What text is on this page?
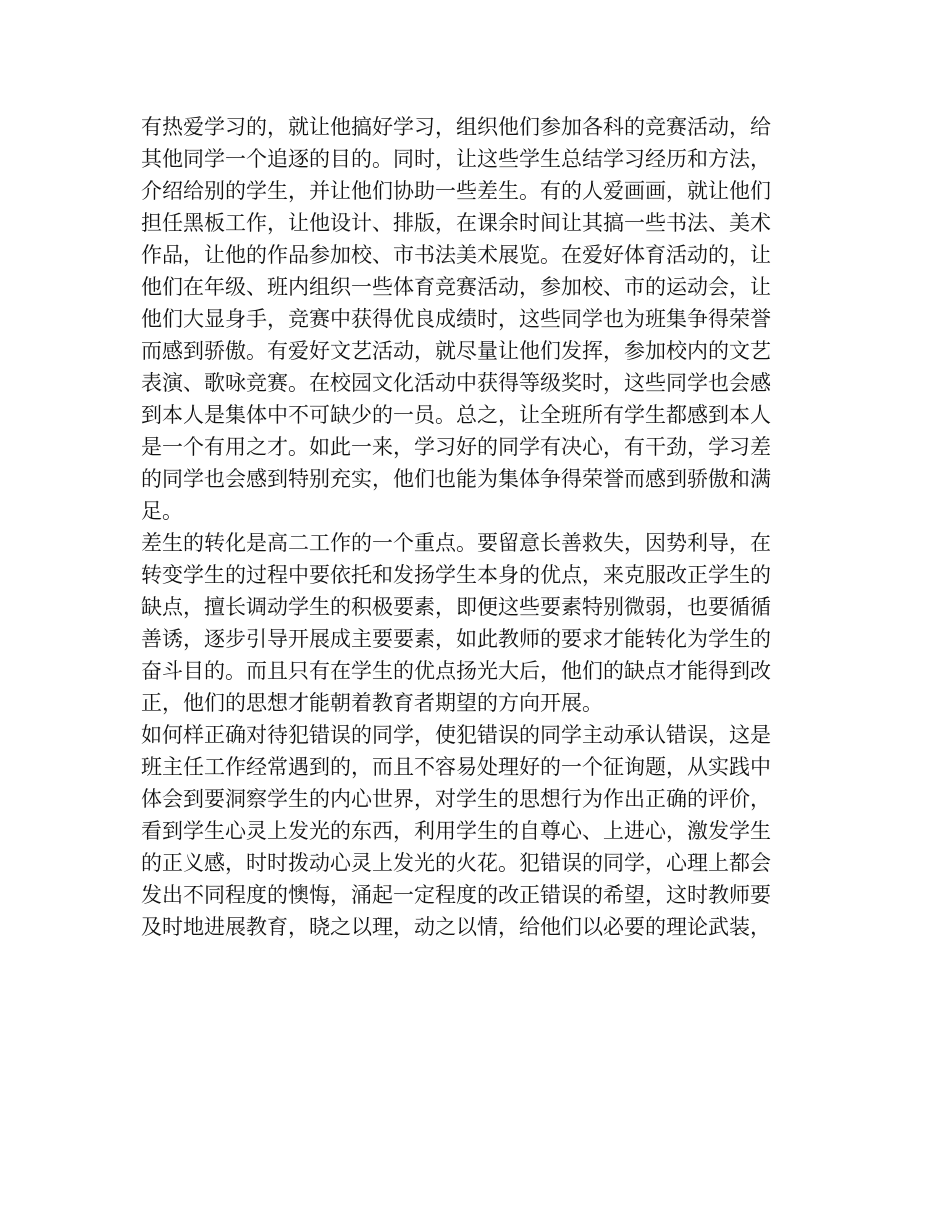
有热爱学习的，就让他搞好学习，组织他们参加各科的竞赛活动，给
其他同学一个追逐的目的。同时，让这些学生总结学习经历和方法，
介绍给别的学生，并让他们协助一些差生。有的人爱画画，就让他们
担任黑板工作，让他设计、排版，在课余时间让其搞一些书法、美术
作品，让他的作品参加校、市书法美术展览。在爱好体育活动的，让
他们在年级、班内组织一些体育竞赛活动，参加校、市的运动会，让
他们大显身手，竞赛中获得优良成绩时，这些同学也为班集争得荣誉
而感到骄傲。有爱好文艺活动，就尽量让他们发挥，参加校内的文艺
表演、歌咏竞赛。在校园文化活动中获得等级奖时，这些同学也会感
到本人是集体中不可缺少的一员。总之，让全班所有学生都感到本人
是一个有用之才。如此一来，学习好的同学有决心，有干劲，学习差
的同学也会感到特别充实，他们也能为集体争得荣誉而感到骄傲和满
足。
差生的转化是高二工作的一个重点。要留意长善救失，因势利导，在
转变学生的过程中要依托和发扬学生本身的优点，来克服改正学生的
缺点，擅长调动学生的积极要素，即便这些要素特别微弱，也要循循
善诱，逐步引导开展成主要要素，如此教师的要求才能转化为学生的
奋斗目的。而且只有在学生的优点扬光大后，他们的缺点才能得到改
正，他们的思想才能朝着教育者期望的方向开展。
如何样正确对待犯错误的同学，使犯错误的同学主动承认错误，这是
班主任工作经常遇到的，而且不容易处理好的一个征询题，从实践中
体会到要洞察学生的内心世界，对学生的思想行为作出正确的评价，
看到学生心灵上发光的东西，利用学生的自尊心、上进心，激发学生
的正义感，时时拨动心灵上发光的火花。犯错误的同学，心理上都会
发出不同程度的懊悔，涌起一定程度的改正错误的希望，这时教师要
及时地进展教育，晓之以理，动之以情，给他们以必要的理论武装，
